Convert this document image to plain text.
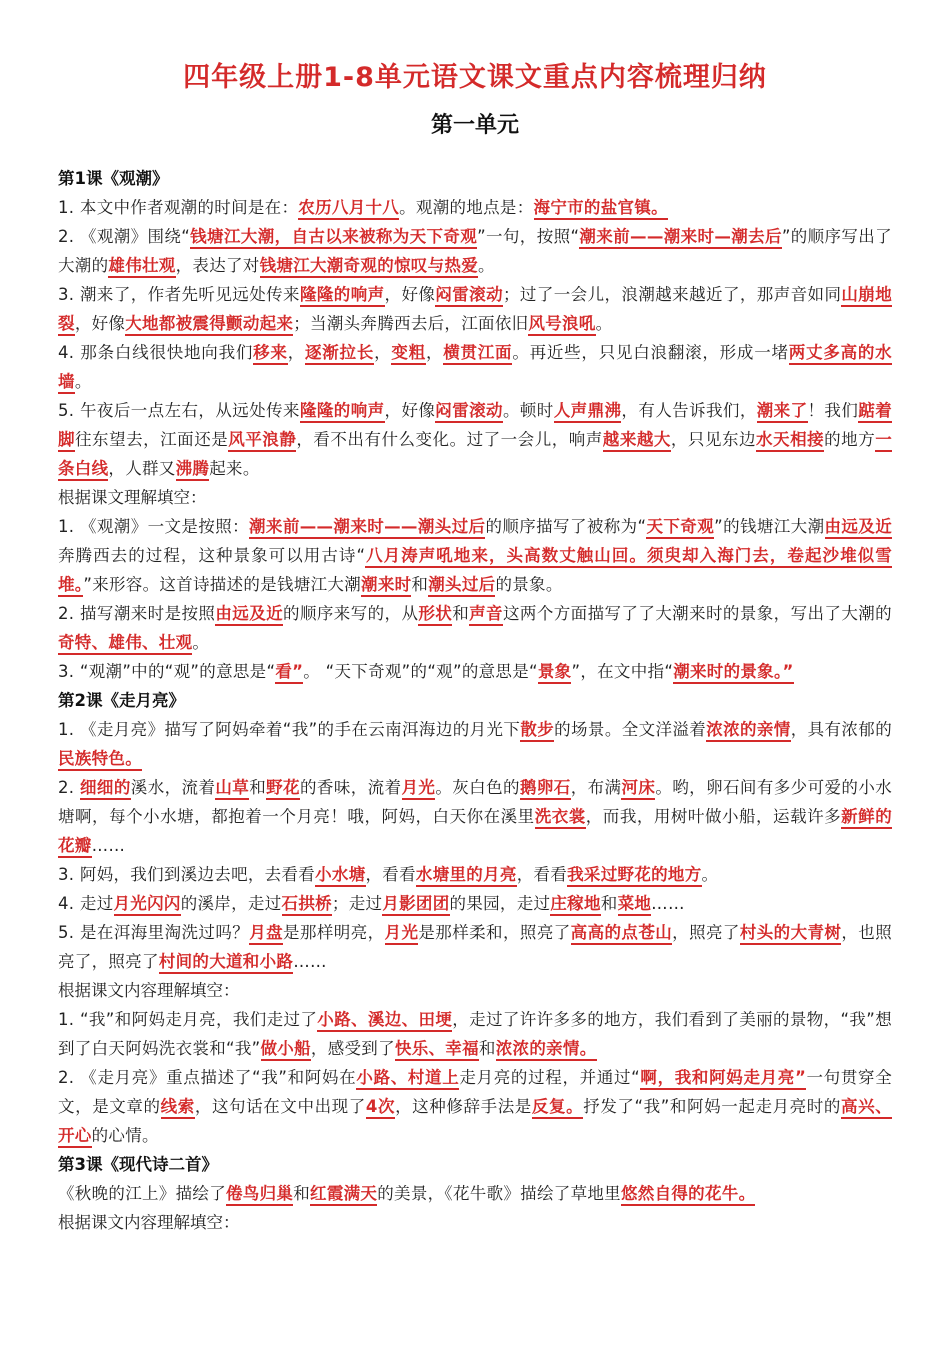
四年级上册1-8单元语文课文重点内容梳理归纳
第一单元

第1课《观潮》

1. 本文中作者观潮的时间是在：农历八月十八。观潮的地点是：海宁市的盐官镇。

2. 《观潮》围绕“钱塘江大潮，自古以来被称为天下奇观”一句，按照“潮来前——潮来时—潮去后”的顺序写出了大潮的雄伟壮观，表达了对钱塘江大潮奇观的惊叹与热爱。

3. 潮来了，作者先听见远处传来隆隆的响声，好像闷雷滚动；过了一会儿，浪潮越来越近了，那声音如同山崩地裂，好像大地都被震得颤动起来；当潮头奔腾西去后，江面依旧风号浪吼。

4. 那条白线很快地向我们移来，逐渐拉长，变粗，横贯江面。再近些，只见白浪翻滚，形成一堵两丈多高的水墙。

5. 午夜后一点左右，从远处传来隆隆的响声，好像闷雷滚动。顿时人声鼎沸，有人告诉我们，潮来了！我们踮着脚往东望去，江面还是风平浪静，看不出有什么变化。过了一会儿，响声越来越大，只见东边水天相接的地方一条白线，人群又沸腾起来。

根据课文理解填空：

1. 《观潮》一文是按照：潮来前——潮来时——潮头过后的顺序描写了被称为“天下奇观”的钱塘江大潮由远及近奔腾西去的过程，这种景象可以用古诗“八月涛声吼地来，头高数丈触山回。须臾却入海门去，卷起沙堆似雪堆。”来形容。这首诗描述的是钱塘江大潮潮来时和潮头过后的景象。

2. 描写潮来时是按照由远及近的顺序来写的，从形状和声音这两个方面描写了了大潮来时的景象，写出了大潮的奇特、雄伟、壮观。

3. “观潮”中的“观”的意思是“看”。 “天下奇观”的“观”的意思是“景象”，在文中指“潮来时的景象。”

第2课《走月亮》

1. 《走月亮》描写了阿妈牵着“我”的手在云南洱海边的月光下散步的场景。全文洋溢着浓浓的亲情，具有浓郁的民族特色。

2. 细细的溪水，流着山草和野花的香味，流着月光。灰白色的鹅卵石，布满河床。哟，卵石间有多少可爱的小水塘啊，每个小水塘，都抱着一个月亮！哦，阿妈，白天你在溪里洗衣裳，而我，用树叶做小船，运载许多新鲜的花瓣……

3. 阿妈，我们到溪边去吧，去看看小水塘，看看水塘里的月亮，看看我采过野花的地方。

4. 走过月光闪闪的溪岸，走过石拱桥；走过月影团团的果园，走过庄稼地和菜地……

5. 是在洱海里淘洗过吗？月盘是那样明亮，月光是那样柔和，照亮了高高的点苍山，照亮了村头的大青树，也照亮了，照亮了村间的大道和小路……

根据课文内容理解填空：

1. “我”和阿妈走月亮，我们走过了小路、溪边、田埂，走过了许许多多的地方，我们看到了美丽的景物，“我”想到了白天阿妈洗衣裳和“我”做小船，感受到了快乐、幸福和浓浓的亲情。

2. 《走月亮》重点描述了“我”和阿妈在小路、村道上走月亮的过程，并通过“啊，我和阿妈走月亮”一句贯穿全文，是文章的线索，这句话在文中出现了4次，这种修辞手法是反复。抒发了“我”和阿妈一起走月亮时的高兴、开心的心情。

第3课《现代诗二首》

《秋晚的江上》描绘了倦鸟归巢和红霞满天的美景，《花牛歌》描绘了草地里悠然自得的花牛。

根据课文内容理解填空：
